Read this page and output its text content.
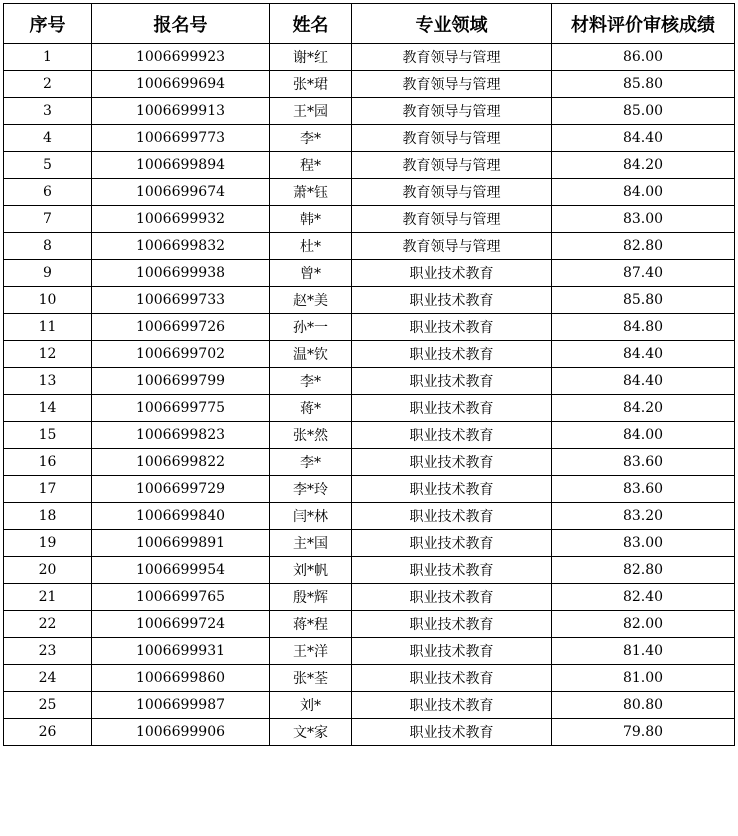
序号	报名号	姓名	专业领域	材料评价审核成绩
1	1006699923	谢*红	教育领导与管理	86.00
2	1006699694	张*珺	教育领导与管理	85.80
3	1006699913	王*园	教育领导与管理	85.00
4	1006699773	李*	教育领导与管理	84.40
5	1006699894	程*	教育领导与管理	84.20
6	1006699674	萧*钰	教育领导与管理	84.00
7	1006699932	韩*	教育领导与管理	83.00
8	1006699832	杜*	教育领导与管理	82.80
9	1006699938	曾*	职业技术教育	87.40
10	1006699733	赵*美	职业技术教育	85.80
11	1006699726	孙*一	职业技术教育	84.80
12	1006699702	温*钦	职业技术教育	84.40
13	1006699799	李*	职业技术教育	84.40
14	1006699775	蒋*	职业技术教育	84.20
15	1006699823	张*然	职业技术教育	84.00
16	1006699822	李*	职业技术教育	83.60
17	1006699729	李*玲	职业技术教育	83.60
18	1006699840	闫*林	职业技术教育	83.20
19	1006699891	主*国	职业技术教育	83.00
20	1006699954	刘*帆	职业技术教育	82.80
21	1006699765	殷*辉	职业技术教育	82.40
22	1006699724	蒋*程	职业技术教育	82.00
23	1006699931	王*洋	职业技术教育	81.40
24	1006699860	张*荃	职业技术教育	81.00
25	1006699987	刘*	职业技术教育	80.80
26	1006699906	文*家	职业技术教育	79.80
